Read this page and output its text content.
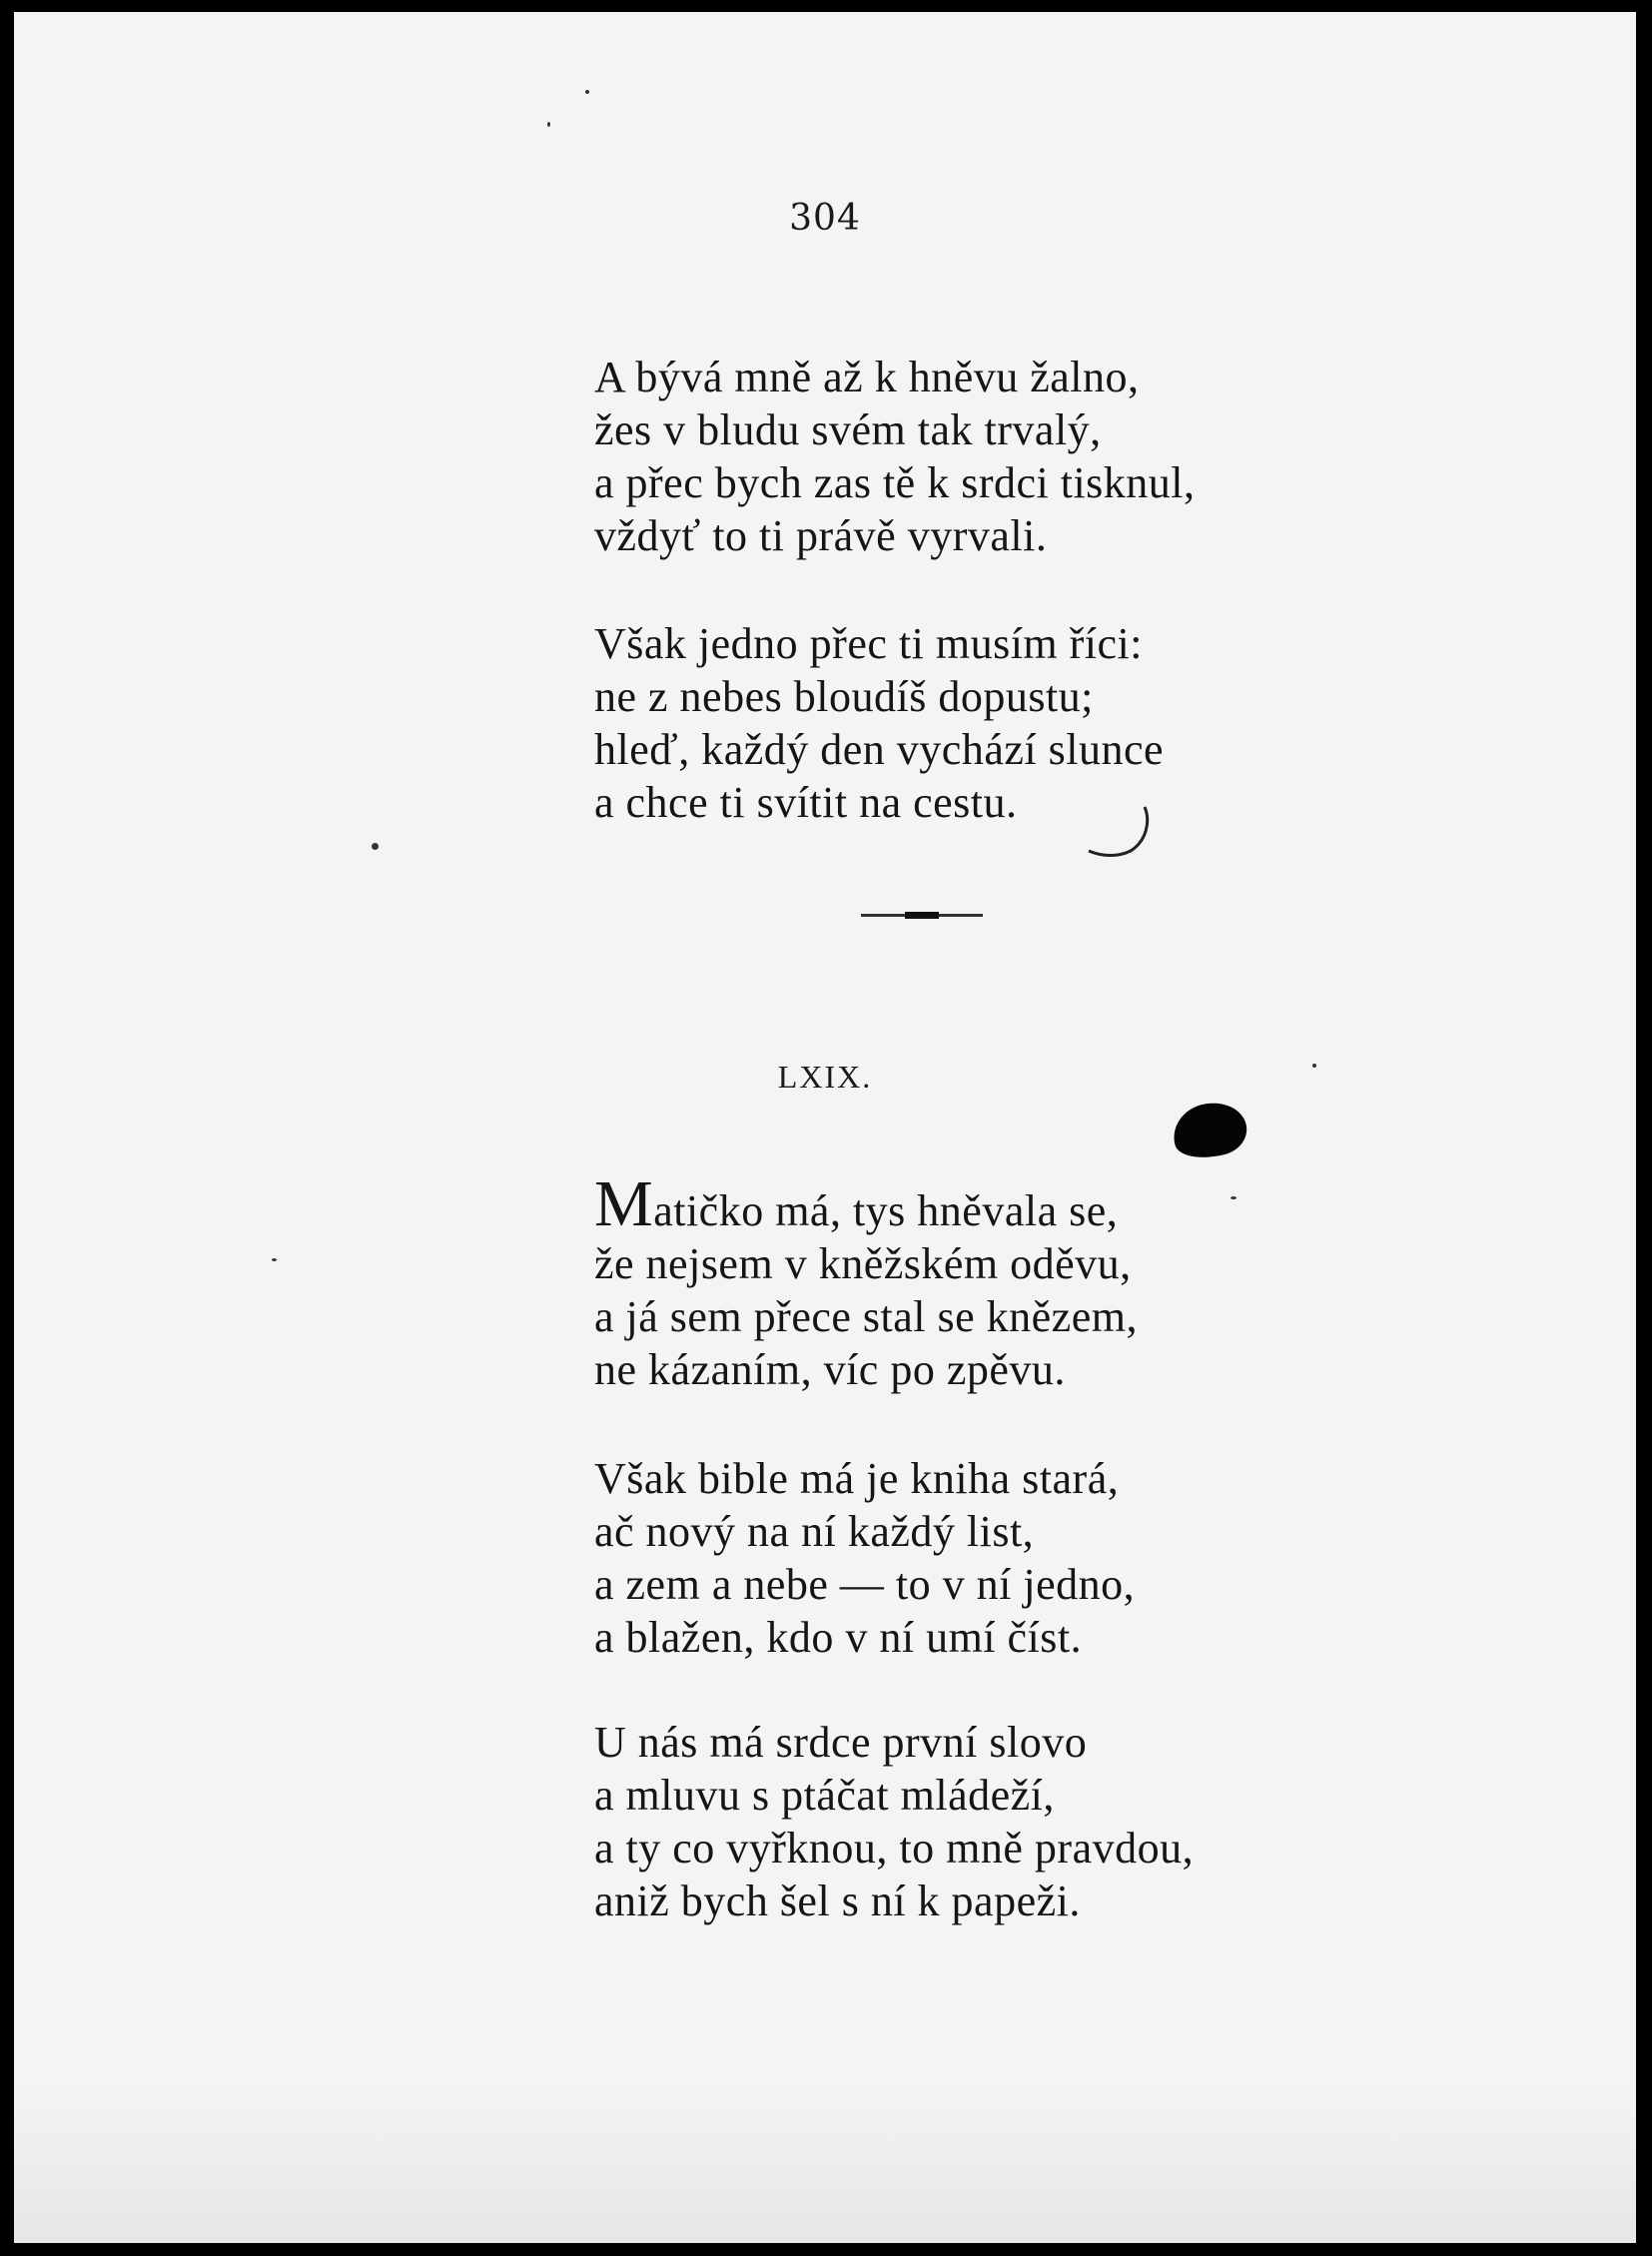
304
A bývá mně až k hněvu žalno,
žes v bludu svém tak trvalý,
a přec bych zas tě k srdci tisknul,
vždyť to ti právě vyrvali.
Však jedno přec ti musím říci:
ne z nebes bloudíš dopustu;
hleď, každý den vychází slunce
a chce ti svítit na cestu.
LXIX.
Matičko má, tys hněvala se,
že nejsem v kněžském oděvu,
a já sem přece stal se knězem,
ne kázaním, víc po zpěvu.
Však bible má je kniha stará,
ač nový na ní každý list,
a zem a nebe — to v ní jedno,
a blažen, kdo v ní umí číst.
U nás má srdce první slovo
a mluvu s ptáčat mládeží,
a ty co vyřknou, to mně pravdou,
aniž bych šel s ní k papeži.
